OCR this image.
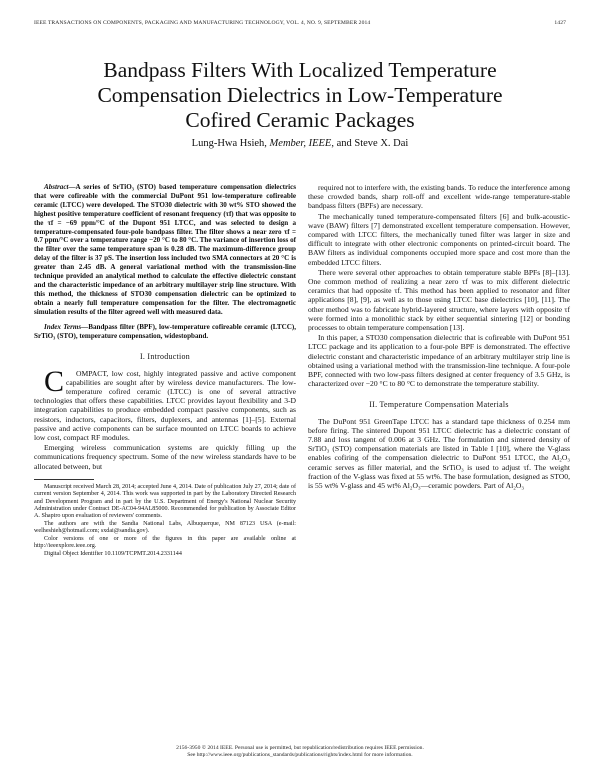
IEEE TRANSACTIONS ON COMPONENTS, PACKAGING AND MANUFACTURING TECHNOLOGY, VOL. 4, NO. 9, SEPTEMBER 2014	1427
Bandpass Filters With Localized Temperature
Compensation Dielectrics in Low-Temperature
Cofired Ceramic Packages
Lung-Hwa Hsieh, Member, IEEE, and Steve X. Dai

Abstract—A series of SrTiO₃ (STO) based temperature compensation dielectrics that were cofireable with the commercial DuPont 951 low-temperature cofireable ceramic (LTCC) were developed. The STO30 dielectric with 30 wt% STO showed the highest positive temperature coefficient of resonant frequency (τf) that was opposite to the τf = −69 ppm/°C of the Dupont 951 LTCC, and was selected to design a temperature-compensated four-pole bandpass filter. The filter shows a near zero τf = 0.7 ppm/°C over a temperature range −20 °C to 80 °C. The variance of insertion loss of the filter over the same temperature span is 0.28 dB. The maximum-difference group delay of the filter is 37 pS. The insertion loss included two SMA connectors at 20 °C is greater than 2.45 dB. A general variational method with the transmission-line technique provided an analytical method to calculate the effective dielectric constant and the characteristic impedance of an arbitrary multilayer strip line structure. With this method, the thickness of STO30 compensation dielectric can be optimized to obtain a nearly full temperature compensation for the filter. The electromagnetic simulation results of the filter agreed well with measured data.

Index Terms—Bandpass filter (BPF), low-temperature cofireable ceramic (LTCC), SrTiO₃ (STO), temperature compensation, widestopband.

I. Introduction

C OMPACT, low cost, highly integrated passive and active component capabilities are sought after by wireless device manufacturers. The low-temperature cofired ceramic (LTCC) is one of several attractive technologies that offers these capabilities. LTCC provides layout flexibility and 3-D integration capabilities to produce embedded compact passive components, such as resistors, inductors, capacitors, filters, duplexers, and antennas [1]–[5]. External passive and active components can be surface mounted on LTCC boards to achieve low cost, compact RF modules.

Emerging wireless communication systems are quickly filling up the communications frequency spectrum. Some of the new wireless standards have to be allocated between, but

Manuscript received March 28, 2014; accepted June 4, 2014. Date of publication July 27, 2014; date of current version September 4, 2014. This work was supported in part by the Laboratory Directed Research and Development Program and in part by the U.S. Department of Energy's National Nuclear Security Administration under Contract DE-AC04-94AL85000. Recommended for publication by Associate Editor A. Shapiro upon evaluation of reviewers' comments.

The authors are with the Sandia National Labs, Albuquerque, NM 87123 USA (e-mail: welheshieh@hotmail.com; sxdai@sandia.gov).

Color versions of one or more of the figures in this paper are available online at http://ieeexplore.ieee.org.

Digital Object Identifier 10.1109/TCPMT.2014.2331144

required not to interfere with, the existing bands. To reduce the interference among these crowded bands, sharp roll-off and excellent wide-range temperature-stable bandpass filters (BPFs) are necessary.

The mechanically tuned temperature-compensated filters [6] and bulk-acoustic-wave (BAW) filters [7] demonstrated excellent temperature compensation. However, compared with LTCC filters, the mechanically tuned filter was larger in size and difficult to integrate with other electronic components on printed-circuit board. The BAW filters as individual components occupied more space and cost more than the embedded LTCC filters.

There were several other approaches to obtain temperature stable BPFs [8]–[13]. One common method of realizing a near zero τf was to mix different dielectric ceramics that had opposite τf. This method has been applied to resonator and filter applications [8], [9], as well as to those using LTCC base dielectrics [10], [11]. The other method was to fabricate hybrid-layered structure, where layers with opposite τf were formed into a monolithic stack by either sequential sintering [12] or bonding processes to obtain temperature compensation [13].

In this paper, a STO30 compensation dielectric that is cofireable with DuPont 951 LTCC package and its application to a four-pole BPF is demonstrated. The effective dielectric constant and characteristic impedance of an arbitrary multilayer strip line is obtained using a variational method with the transmission-line technique. A four-pole BPF, connected with two low-pass filters designed at center frequency of 3.5 GHz, is characterized over −20 °C to 80 °C to demonstrate the temperature stability.

II. Temperature Compensation Materials

The DuPont 951 GreenTape LTCC has a standard tape thickness of 0.254 mm before firing. The sintered Dupont 951 LTCC dielectric has a dielectric constant of 7.88 and loss tangent of 0.006 at 3 GHz. The formulation and sintered density of SrTiO₃ (STO) compensation materials are listed in Table I [10], where the V-glass enables cofiring of the compensation dielectric to DuPont 951 LTCC, the Al₂O₃ ceramic serves as filler material, and the SrTiO₃ is used to adjust τf. The weight fraction of the V-glass was fixed at 55 wt%. The base formulation, designed as STO0, is 55 wt% V-glass and 45 wt% Al₂O₃—ceramic powders. Part of Al₂O₃

2156-3950 © 2014 IEEE. Personal use is permitted, but republication/redistribution requires IEEE permission.
See http://www.ieee.org/publications_standards/publications/rights/index.html for more information.
